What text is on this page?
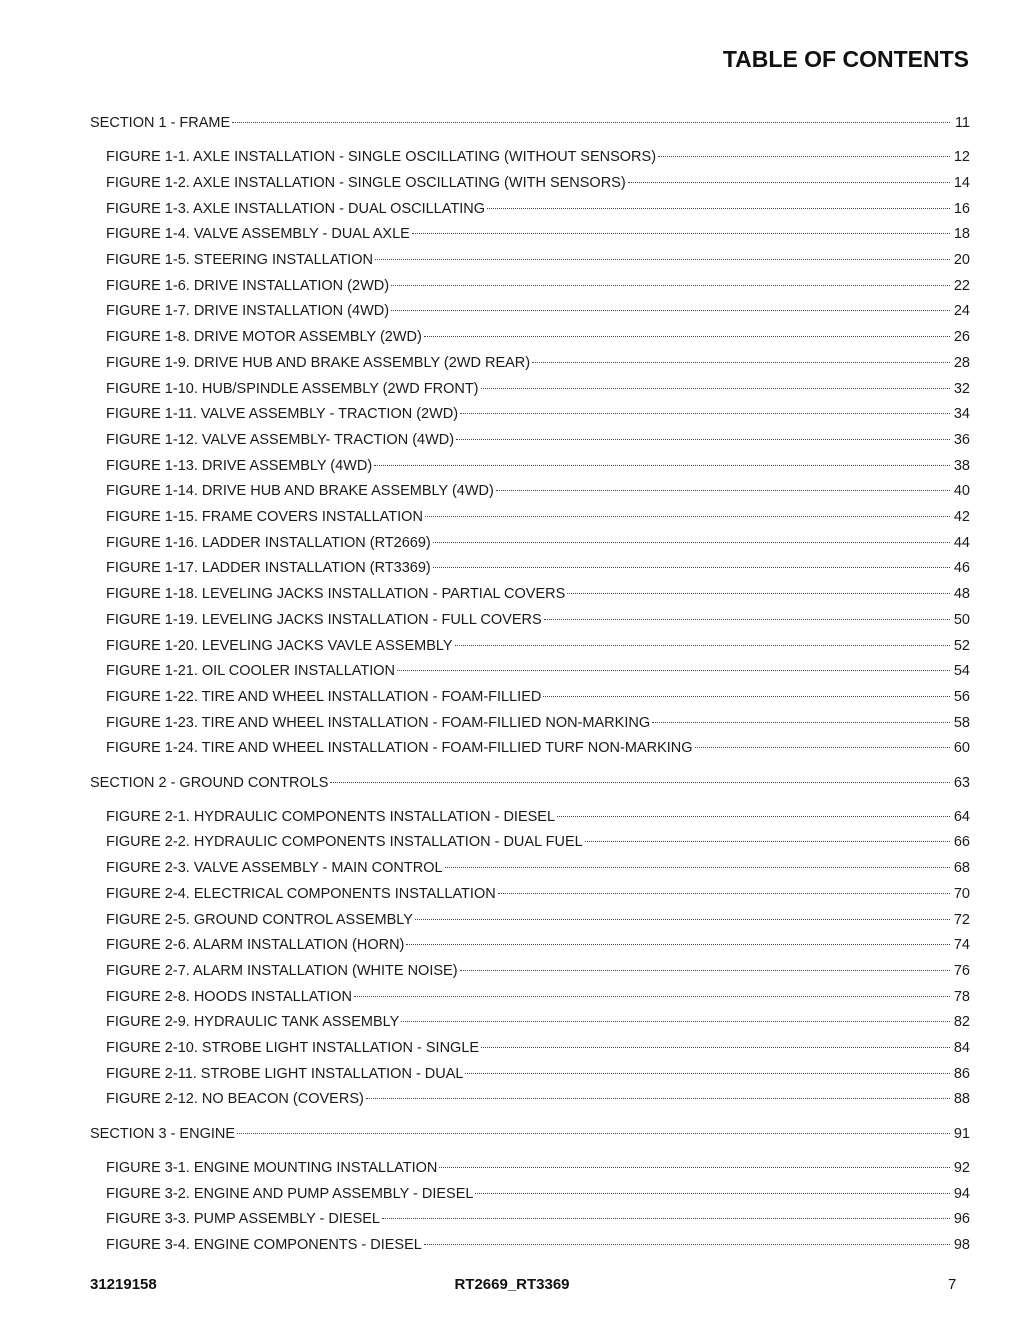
TABLE OF CONTENTS
SECTION 1 - FRAME	11
FIGURE 1-1. AXLE INSTALLATION - SINGLE OSCILLATING (WITHOUT SENSORS)	12
FIGURE 1-2. AXLE INSTALLATION - SINGLE OSCILLATING (WITH SENSORS)	14
FIGURE 1-3. AXLE INSTALLATION - DUAL OSCILLATING	16
FIGURE 1-4. VALVE ASSEMBLY - DUAL AXLE	18
FIGURE 1-5. STEERING INSTALLATION	20
FIGURE 1-6. DRIVE INSTALLATION (2WD)	22
FIGURE 1-7. DRIVE INSTALLATION (4WD)	24
FIGURE 1-8. DRIVE MOTOR ASSEMBLY (2WD)	26
FIGURE 1-9. DRIVE HUB AND BRAKE ASSEMBLY (2WD REAR)	28
FIGURE 1-10. HUB/SPINDLE ASSEMBLY (2WD FRONT)	32
FIGURE 1-11. VALVE ASSEMBLY - TRACTION (2WD)	34
FIGURE 1-12. VALVE ASSEMBLY- TRACTION (4WD)	36
FIGURE 1-13. DRIVE ASSEMBLY (4WD)	38
FIGURE 1-14. DRIVE HUB AND BRAKE ASSEMBLY (4WD)	40
FIGURE 1-15. FRAME COVERS INSTALLATION	42
FIGURE 1-16. LADDER INSTALLATION (RT2669)	44
FIGURE 1-17. LADDER INSTALLATION (RT3369)	46
FIGURE 1-18. LEVELING JACKS INSTALLATION - PARTIAL COVERS	48
FIGURE 1-19. LEVELING JACKS INSTALLATION - FULL COVERS	50
FIGURE 1-20. LEVELING JACKS VAVLE ASSEMBLY	52
FIGURE 1-21. OIL COOLER INSTALLATION	54
FIGURE 1-22. TIRE AND WHEEL INSTALLATION - FOAM-FILLIED	56
FIGURE 1-23. TIRE AND WHEEL INSTALLATION - FOAM-FILLIED NON-MARKING	58
FIGURE 1-24. TIRE AND WHEEL INSTALLATION - FOAM-FILLIED TURF NON-MARKING	60
SECTION 2 - GROUND CONTROLS	63
FIGURE 2-1. HYDRAULIC COMPONENTS INSTALLATION - DIESEL	64
FIGURE 2-2. HYDRAULIC COMPONENTS INSTALLATION - DUAL FUEL	66
FIGURE 2-3. VALVE ASSEMBLY - MAIN CONTROL	68
FIGURE 2-4. ELECTRICAL COMPONENTS INSTALLATION	70
FIGURE 2-5. GROUND CONTROL ASSEMBLY	72
FIGURE 2-6. ALARM INSTALLATION (HORN)	74
FIGURE 2-7. ALARM INSTALLATION (WHITE NOISE)	76
FIGURE 2-8. HOODS INSTALLATION	78
FIGURE 2-9. HYDRAULIC TANK ASSEMBLY	82
FIGURE 2-10. STROBE LIGHT INSTALLATION - SINGLE	84
FIGURE 2-11. STROBE LIGHT INSTALLATION - DUAL	86
FIGURE 2-12. NO BEACON (COVERS)	88
SECTION 3 - ENGINE	91
FIGURE 3-1. ENGINE MOUNTING INSTALLATION	92
FIGURE 3-2. ENGINE AND PUMP ASSEMBLY - DIESEL	94
FIGURE 3-3. PUMP ASSEMBLY - DIESEL	96
FIGURE 3-4. ENGINE COMPONENTS - DIESEL	98
31219158	RT2669_RT3369	7
